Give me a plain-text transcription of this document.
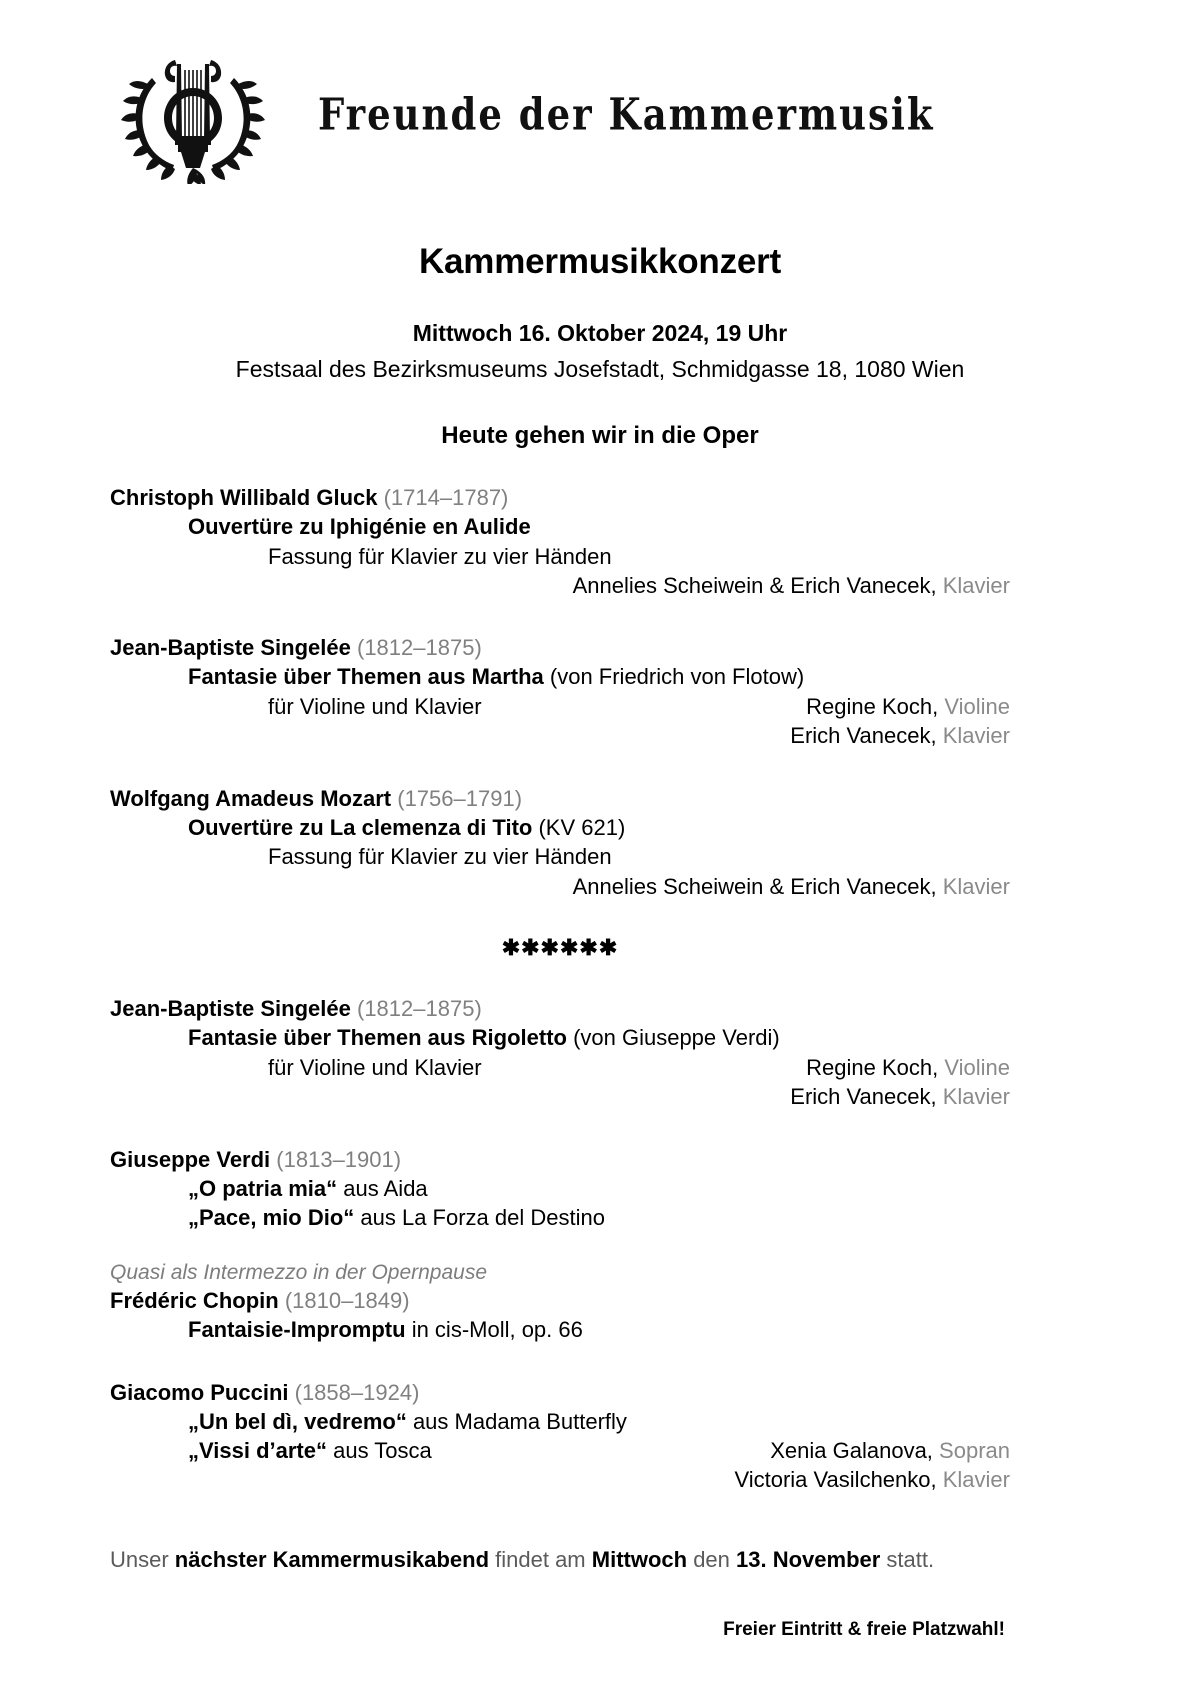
Freunde der Kammermusik
Kammermusikkonzert
Mittwoch 16. Oktober 2024, 19 Uhr
Festsaal des Bezirksmuseums Josefstadt, Schmidgasse 18, 1080 Wien
Heute gehen wir in die Oper
Christoph Willibald Gluck (1714–1787)
Ouvertüre zu Iphigénie en Aulide
Fassung für Klavier zu vier Händen
Annelies Scheiwein & Erich Vanecek, Klavier
Jean-Baptiste Singelée (1812–1875)
Fantasie über Themen aus Martha (von Friedrich von Flotow)
für Violine und Klavier	Regine Koch, Violine
Erich Vanecek, Klavier
Wolfgang Amadeus Mozart (1756–1791)
Ouvertüre zu La clemenza di Tito (KV 621)
Fassung für Klavier zu vier Händen
Annelies Scheiwein & Erich Vanecek, Klavier
✱✱✱✱✱✱
Jean-Baptiste Singelée (1812–1875)
Fantasie über Themen aus Rigoletto (von Giuseppe Verdi)
für Violine und Klavier	Regine Koch, Violine
Erich Vanecek, Klavier
Giuseppe Verdi (1813–1901)
„O patria mia“ aus Aida
„Pace, mio Dio“ aus La Forza del Destino
Quasi als Intermezzo in der Opernpause
Frédéric Chopin (1810–1849)
Fantaisie-Impromptu in cis-Moll, op. 66
Giacomo Puccini (1858–1924)
„Un bel dì, vedremo“ aus Madama Butterfly
„Vissi d’arte“ aus Tosca	Xenia Galanova, Sopran
Victoria Vasilchenko, Klavier
Unser nächster Kammermusikabend findet am Mittwoch den 13. November statt.
Freier Eintritt & freie Platzwahl!
